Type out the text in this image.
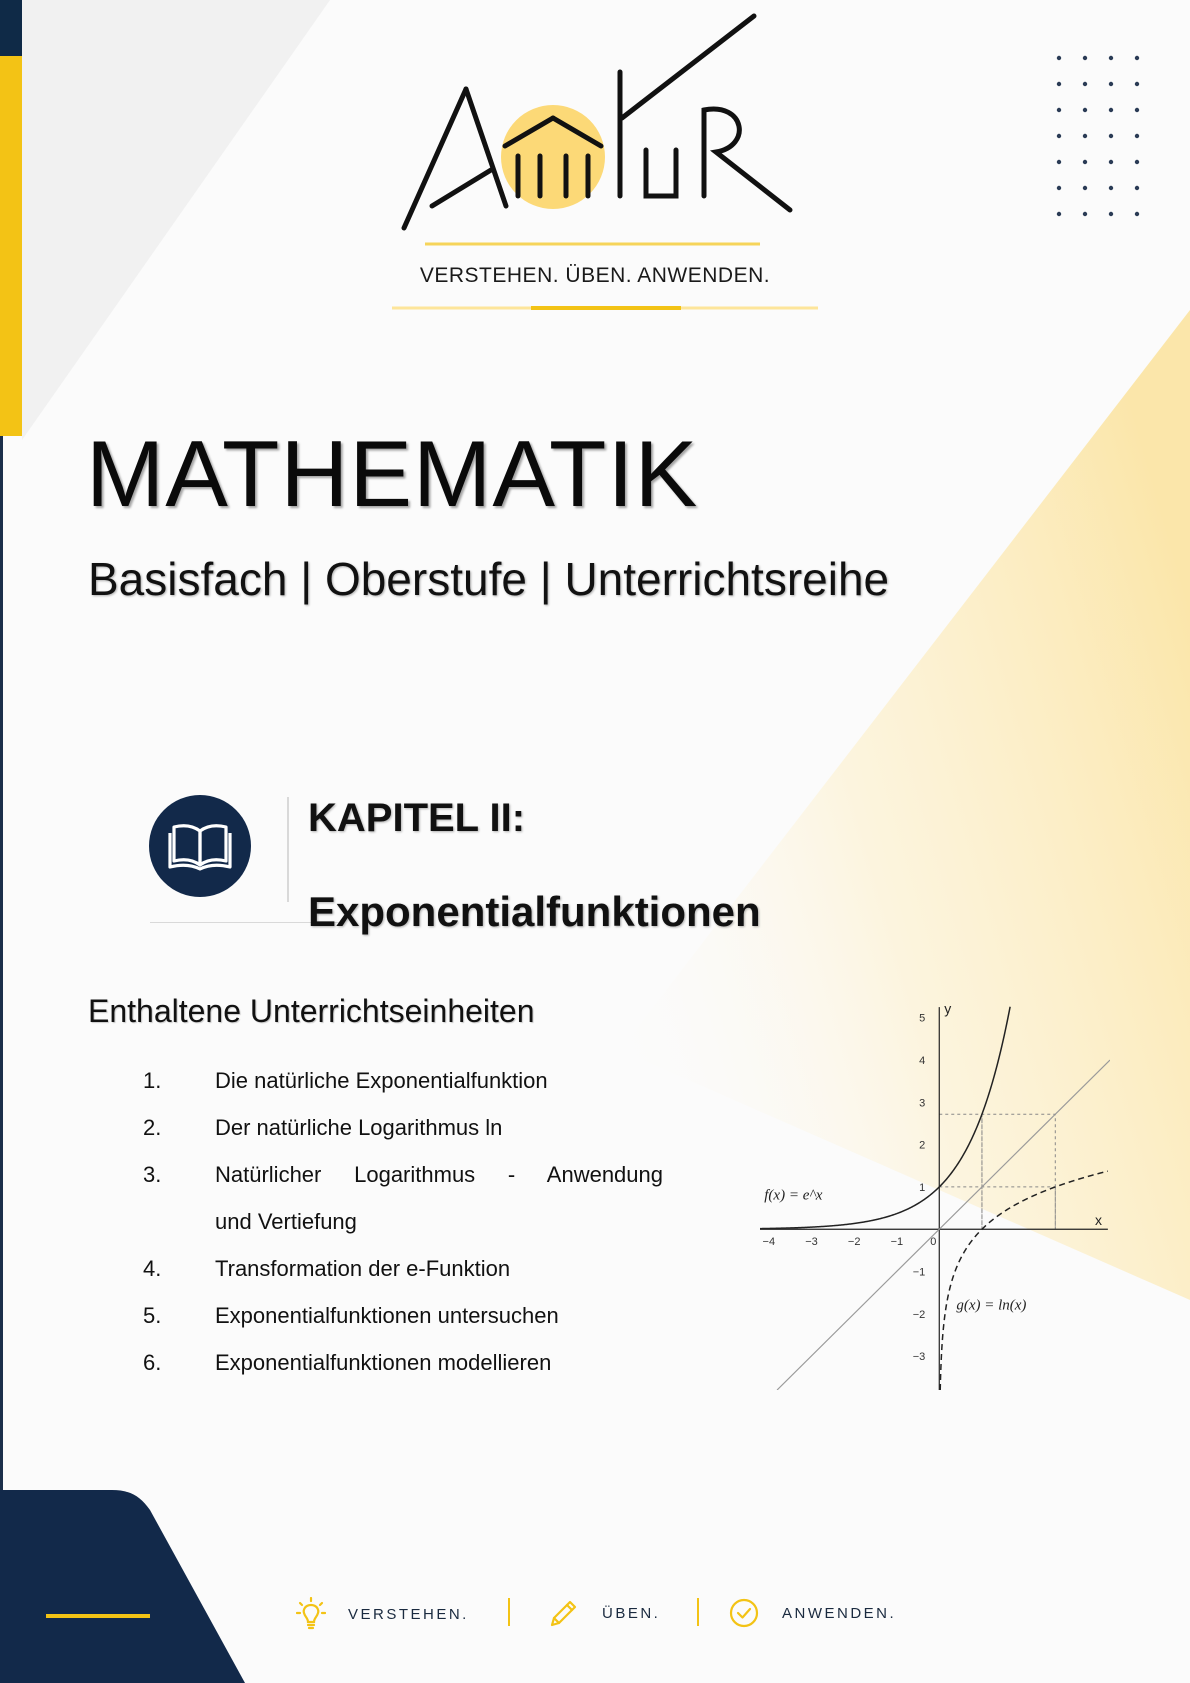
VERSTEHEN. ÜBEN. ANWENDEN.
MATHEMATIK
Basisfach | Oberstufe | Unterrichtsreihe
KAPITEL II:
Exponentialfunktionen
Enthaltene Unterrichtseinheiten
1. Die natürliche Exponentialfunktion
2. Der natürliche Logarithmus ln
3. Natürlicher Logarithmus - Anwendung
und Vertiefung
4. Transformation der e-Funktion
5. Exponentialfunktionen untersuchen
6. Exponentialfunktionen modellieren
−4	−3	−2	−1 0
5
4
3
2
1
−1
−2
−3
x
y
f(x) = e^x
g(x) = ln(x)
VERSTEHEN.	ÜBEN.	ANWENDEN.
